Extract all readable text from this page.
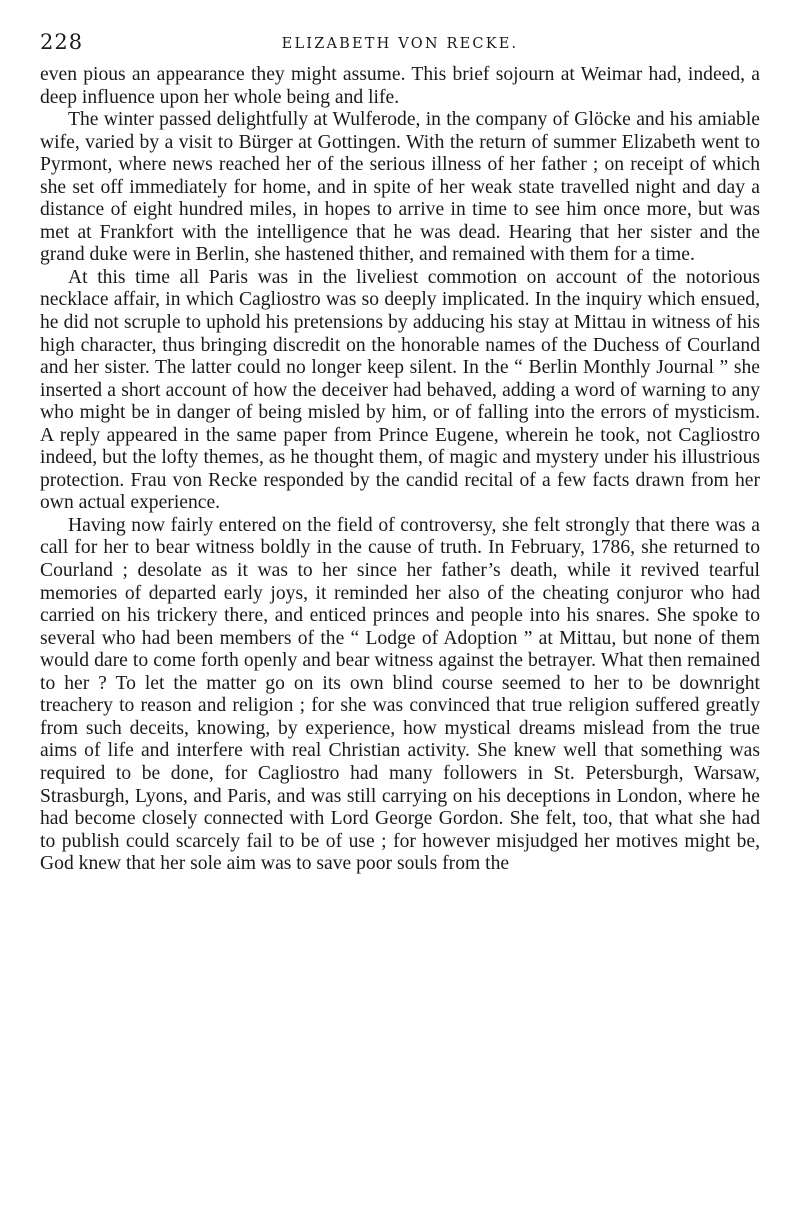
228	ELIZABETH VON RECKE.

even pious an appearance they might assume. This brief sojourn at Weimar had, indeed, a deep influence upon her whole being and life.

The winter passed delightfully at Wulferode, in the company of Glöcke and his amiable wife, varied by a visit to Bürger at Gottingen. With the return of summer Elizabeth went to Pyrmont, where news reached her of the serious illness of her father ; on receipt of which she set off immediately for home, and in spite of her weak state travelled night and day a distance of eight hundred miles, in hopes to arrive in time to see him once more, but was met at Frankfort with the intelligence that he was dead. Hearing that her sister and the grand duke were in Berlin, she hastened thither, and remained with them for a time.

At this time all Paris was in the liveliest commotion on account of the notorious necklace affair, in which Cagliostro was so deeply implicated. In the inquiry which ensued, he did not scruple to uphold his pretensions by adducing his stay at Mittau in witness of his high character, thus bringing discredit on the honorable names of the Duchess of Courland and her sister. The latter could no longer keep silent. In the “ Berlin Monthly Journal ” she inserted a short account of how the deceiver had behaved, adding a word of warning to any who might be in danger of being misled by him, or of falling into the errors of mysticism. A reply appeared in the same paper from Prince Eugene, wherein he took, not Cagliostro indeed, but the lofty themes, as he thought them, of magic and mystery under his illustrious protection. Frau von Recke responded by the candid recital of a few facts drawn from her own actual experience.

Having now fairly entered on the field of controversy, she felt strongly that there was a call for her to bear witness boldly in the cause of truth. In February, 1786, she returned to Courland ; desolate as it was to her since her father’s death, while it revived tearful memories of departed early joys, it reminded her also of the cheating conjuror who had carried on his trickery there, and enticed princes and people into his snares. She spoke to several who had been members of the “ Lodge of Adoption ” at Mittau, but none of them would dare to come forth openly and bear witness against the betrayer. What then remained to her ? To let the matter go on its own blind course seemed to her to be downright treachery to reason and religion ; for she was convinced that true religion suffered greatly from such deceits, knowing, by experience, how mystical dreams mislead from the true aims of life and interfere with real Christian activity. She knew well that something was required to be done, for Cagliostro had many followers in St. Petersburgh, Warsaw, Strasburgh, Lyons, and Paris, and was still carrying on his deceptions in London, where he had become closely connected with Lord George Gordon. She felt, too, that what she had to publish could scarcely fail to be of use ; for however misjudged her motives might be, God knew that her sole aim was to save poor souls from the
